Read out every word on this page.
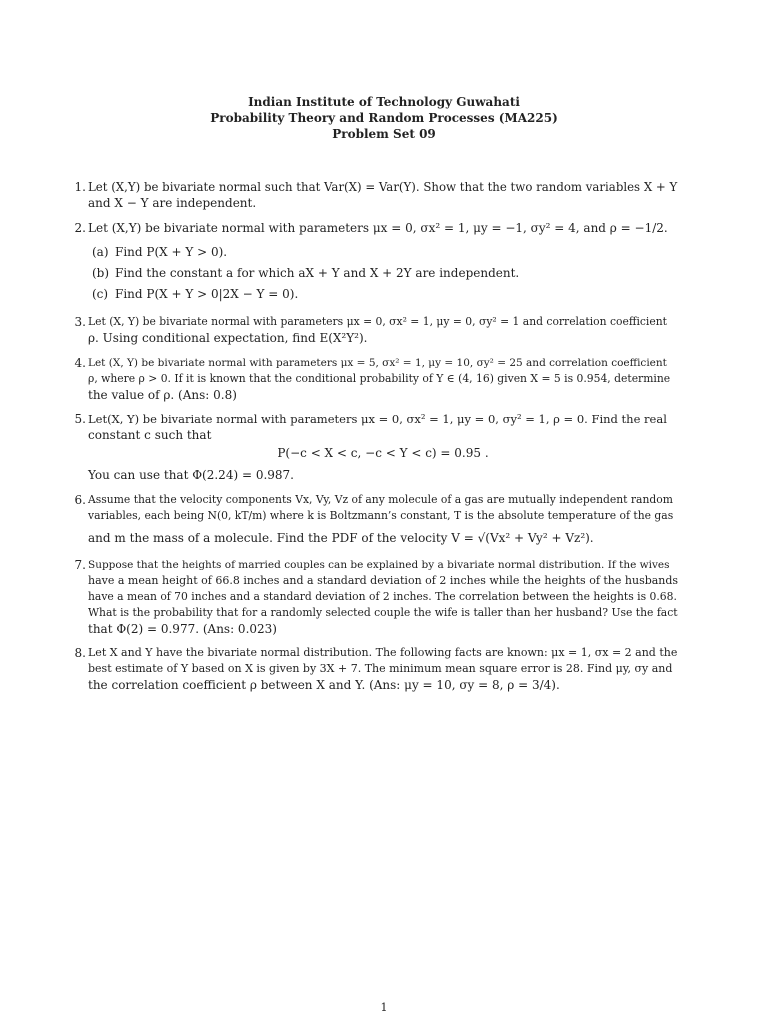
Indian Institute of Technology Guwahati
Probability Theory and Random Processes (MA225)
Problem Set 09
1. Let (X,Y) be bivariate normal such that Var(X) = Var(Y). Show that the two random variables X + Y
and X − Y are independent.
2. Let (X,Y) be bivariate normal with parameters μx = 0, σx² = 1, μy = −1, σy² = 4, and ρ = −1/2.
(a) Find P(X + Y > 0).
(b) Find the constant a for which aX + Y and X + 2Y are independent.
(c) Find P(X + Y > 0|2X − Y = 0).
3. Let (X, Y) be bivariate normal with parameters μx = 0, σx² = 1, μy = 0, σy² = 1 and correlation coefficient
ρ. Using conditional expectation, find E(X²Y²).
4. Let (X, Y) be bivariate normal with parameters μx = 5, σx² = 1, μy = 10, σy² = 25 and correlation coefficient
ρ, where ρ > 0. If it is known that the conditional probability of Y ∈ (4, 16) given X = 5 is 0.954, determine
the value of ρ. (Ans: 0.8)
5. Let(X, Y) be bivariate normal with parameters μx = 0, σx² = 1, μy = 0, σy² = 1, ρ = 0. Find the real
constant c such that
P(−c < X < c, −c < Y < c) = 0.95 .
You can use that Φ(2.24) = 0.987.
6. Assume that the velocity components Vx, Vy, Vz of any molecule of a gas are mutually independent random
variables, each being N(0, kT/m) where k is Boltzmann’s constant, T is the absolute temperature of the gas
and m the mass of a molecule. Find the PDF of the velocity V = √(Vx² + Vy² + Vz²).
7. Suppose that the heights of married couples can be explained by a bivariate normal distribution. If the wives
have a mean height of 66.8 inches and a standard deviation of 2 inches while the heights of the husbands
have a mean of 70 inches and a standard deviation of 2 inches. The correlation between the heights is 0.68.
What is the probability that for a randomly selected couple the wife is taller than her husband? Use the fact
that Φ(2) = 0.977. (Ans: 0.023)
8. Let X and Y have the bivariate normal distribution. The following facts are known: μx = 1, σx = 2 and the
best estimate of Y based on X is given by 3X + 7. The minimum mean square error is 28. Find μy, σy and
the correlation coefficient ρ between X and Y. (Ans: μy = 10, σy = 8, ρ = 3/4).
1
